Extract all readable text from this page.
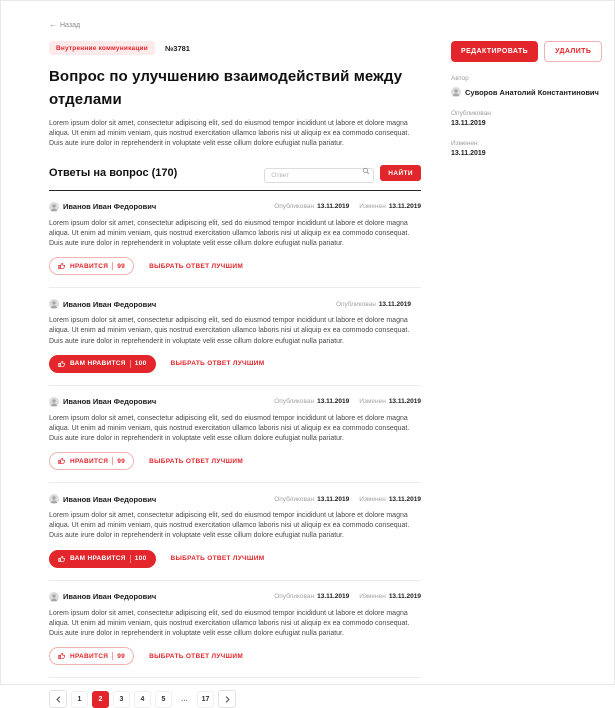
← Назад
Внутренние коммуникации	№3781
Вопрос по улучшению взаимодействий между отделами

Lorem ipsum dolor sit amet, consectetur adipiscing elit, sed do eiusmod tempor incididunt ut labore et dolore magna aliqua. Ut enim ad minim veniam, quis nostrud exercitation ullamco laboris nisi ut aliquip ex ea commodo consequat. Duis aute irure dolor in reprehenderit in voluptate velit esse cillum dolore eufugiat nulla pariatur.

Ответы на вопрос (170)
Ответ	НАЙТИ
Иванов Иван Федорович	Опубликован 13.11.2019 Изменен 13.11.2019

Lorem ipsum dolor sit amet, consectetur adipiscing elit, sed do eiusmod tempor incididunt ut labore et dolore magna aliqua. Ut enim ad minim veniam, quis nostrud exercitation ullamco laboris nisi ut aliquip ex ea commodo consequat. Duis aute irure dolor in reprehenderit in voluptate velit esse cillum dolore eufugiat nulla pariatur.

НРАВИТСЯ 99	ВЫБРАТЬ ОТВЕТ ЛУЧШИМ
Иванов Иван Федорович	Опубликован 13.11.2019

Lorem ipsum dolor sit amet, consectetur adipiscing elit, sed do eiusmod tempor incididunt ut labore et dolore magna aliqua. Ut enim ad minim veniam, quis nostrud exercitation ullamco laboris nisi ut aliquip ex ea commodo consequat. Duis aute irure dolor in reprehenderit in voluptate velit esse cillum dolore eufugiat nulla pariatur.

ВАМ НРАВИТСЯ 100	ВЫБРАТЬ ОТВЕТ ЛУЧШИМ
Иванов Иван Федорович	Опубликован 13.11.2019 Изменен 13.11.2019

Lorem ipsum dolor sit amet, consectetur adipiscing elit, sed do eiusmod tempor incididunt ut labore et dolore magna aliqua. Ut enim ad minim veniam, quis nostrud exercitation ullamco laboris nisi ut aliquip ex ea commodo consequat. Duis aute irure dolor in reprehenderit in voluptate velit esse cillum dolore eufugiat nulla pariatur.

НРАВИТСЯ 99	ВЫБРАТЬ ОТВЕТ ЛУЧШИМ
Иванов Иван Федорович	Опубликован 13.11.2019 Изменен 13.11.2019

Lorem ipsum dolor sit amet, consectetur adipiscing elit, sed do eiusmod tempor incididunt ut labore et dolore magna aliqua. Ut enim ad minim veniam, quis nostrud exercitation ullamco laboris nisi ut aliquip ex ea commodo consequat. Duis aute irure dolor in reprehenderit in voluptate velit esse cillum dolore eufugiat nulla pariatur.

ВАМ НРАВИТСЯ 100	ВЫБРАТЬ ОТВЕТ ЛУЧШИМ
Иванов Иван Федорович	Опубликован 13.11.2019 Изменен 13.11.2019

Lorem ipsum dolor sit amet, consectetur adipiscing elit, sed do eiusmod tempor incididunt ut labore et dolore magna aliqua. Ut enim ad minim veniam, quis nostrud exercitation ullamco laboris nisi ut aliquip ex ea commodo consequat. Duis aute irure dolor in reprehenderit in voluptate velit esse cillum dolore eufugiat nulla pariatur.

НРАВИТСЯ 99	ВЫБРАТЬ ОТВЕТ ЛУЧШИМ
1	2	3	4	5	…	17
РЕДАКТИРОВАТЬ	УДАЛИТЬ
Автор
Суворов Анатолий Константинович
Опубликован
13.11.2019
Изменен
13.11.2019
